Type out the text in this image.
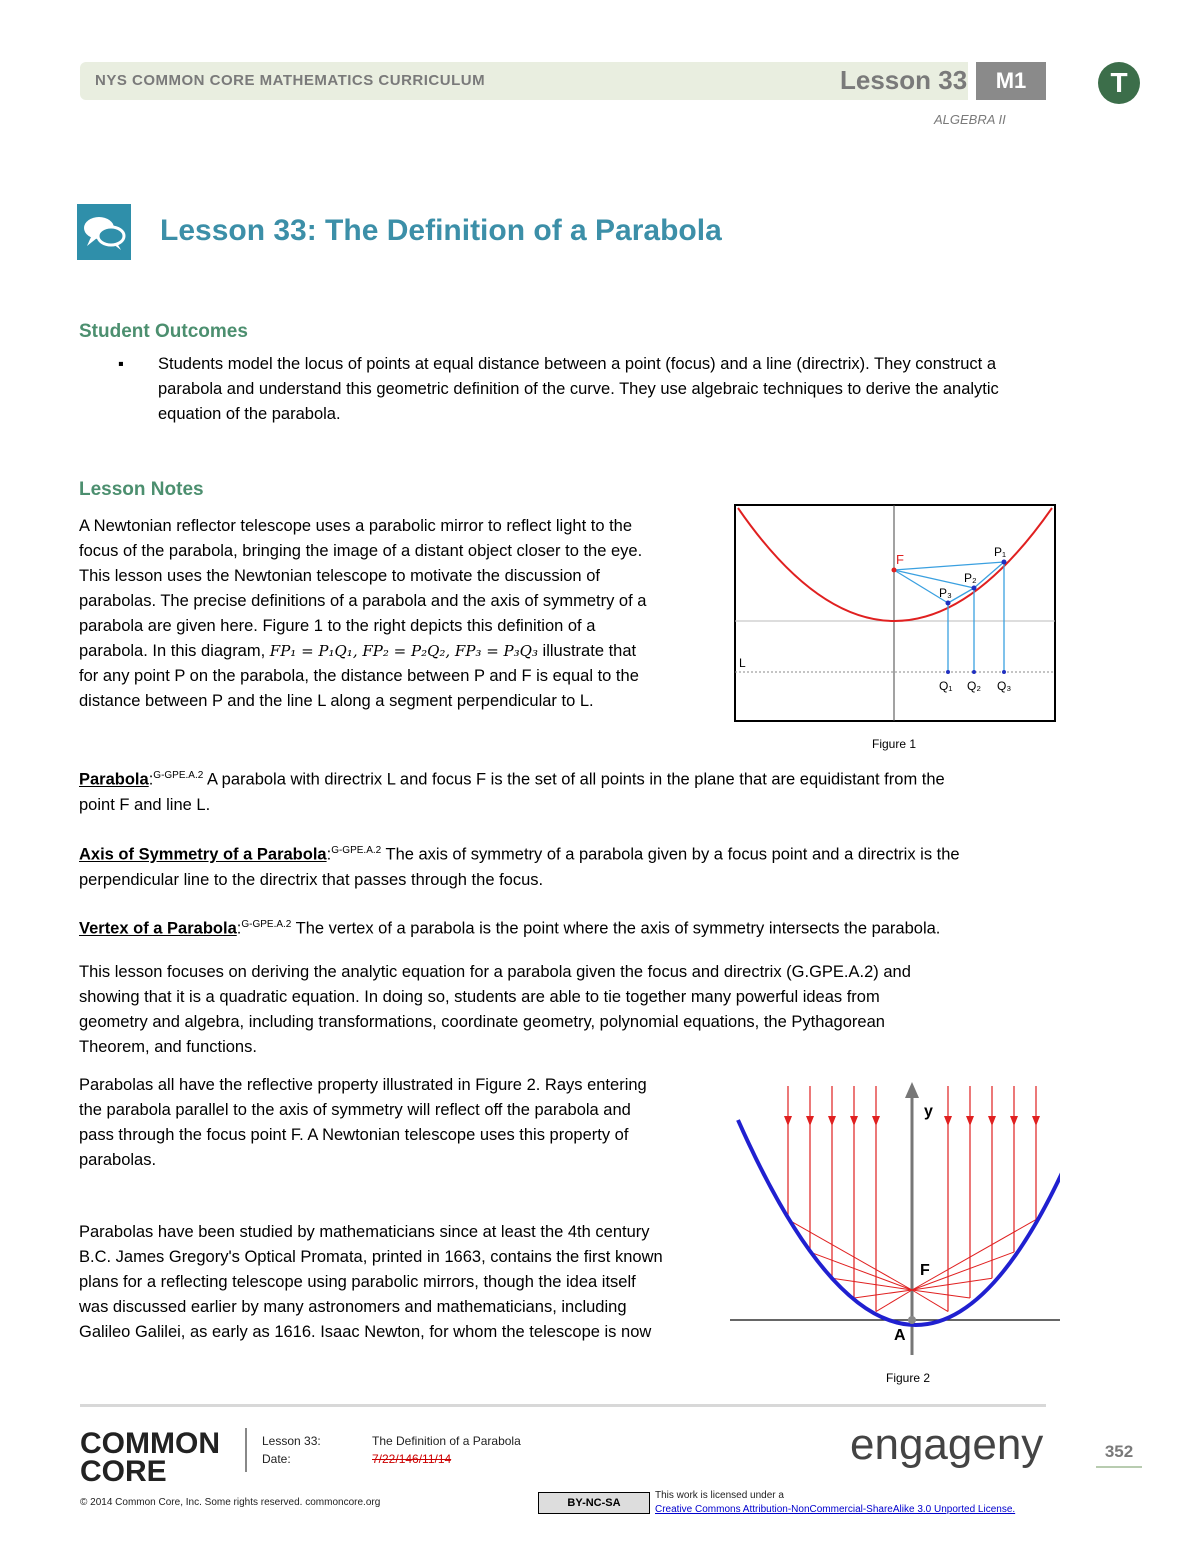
NYS COMMON CORE MATHEMATICS CURRICULUM	Lesson 33	M1	T
ALGEBRA II
Lesson 33: The Definition of a Parabola
Student Outcomes
▪ Students model the locus of points at equal distance between a point (focus) and a line (directrix). They construct a parabola and understand this geometric definition of the curve. They use algebraic techniques to derive the analytic equation of the parabola.
Lesson Notes
A Newtonian reflector telescope uses a parabolic mirror to reflect light to the
focus of the parabola, bringing the image of a distant object closer to the eye.
This lesson uses the Newtonian telescope to motivate the discussion of
parabolas. The precise definitions of a parabola and the axis of symmetry of a
parabola are given here. Figure 1 to the right depicts this definition of a
parabola. In this diagram, FP₁ = P₁Q₁, FP₂ = P₂Q₂, FP₃ = P₃Q₃ illustrate that
for any point P on the parabola, the distance between P and F is equal to the
distance between P and the line L along a segment perpendicular to L.
F	P₁
P₂
P₃
L
Q₁ Q₂ Q₃
Figure 1
Parabola:$^{G-GPE.A.2}$ A parabola with directrix L and focus F is the set of all points in the plane that are equidistant from the
point F and line L.
Axis of Symmetry of a Parabola:$^{G-GPE.A.2}$ The axis of symmetry of a parabola given by a focus point and a directrix is the
perpendicular line to the directrix that passes through the focus.
Vertex of a Parabola:$^{G-GPE.A.2}$ The vertex of a parabola is the point where the axis of symmetry intersects the parabola.
This lesson focuses on deriving the analytic equation for a parabola given the focus and directrix (G.GPE.A.2) and
showing that it is a quadratic equation. In doing so, students are able to tie together many powerful ideas from
geometry and algebra, including transformations, coordinate geometry, polynomial equations, the Pythagorean
Theorem, and functions.
Parabolas all have the reflective property illustrated in Figure 2. Rays entering
the parabola parallel to the axis of symmetry will reflect off the parabola and
pass through the focus point F. A Newtonian telescope uses this property of
parabolas.
Parabolas have been studied by mathematicians since at least the 4th century
B.C. James Gregory's Optical Promata, printed in 1663, contains the first known
plans for a reflecting telescope using parabolic mirrors, though the idea itself
was discussed earlier by many astronomers and mathematicians, including
Galileo Galilei, as early as 1616. Isaac Newton, for whom the telescope is now
y
F
A
Figure 2
COMMON CORE
Lesson 33:	The Definition of a Parabola
Date:	7/22/146/11/14	engageny	352
© 2014 Common Core, Inc. Some rights reserved. commoncore.org	BY-NC-SA
This work is licensed under a
Creative Commons Attribution-NonCommercial-ShareAlike 3.0 Unported License.
